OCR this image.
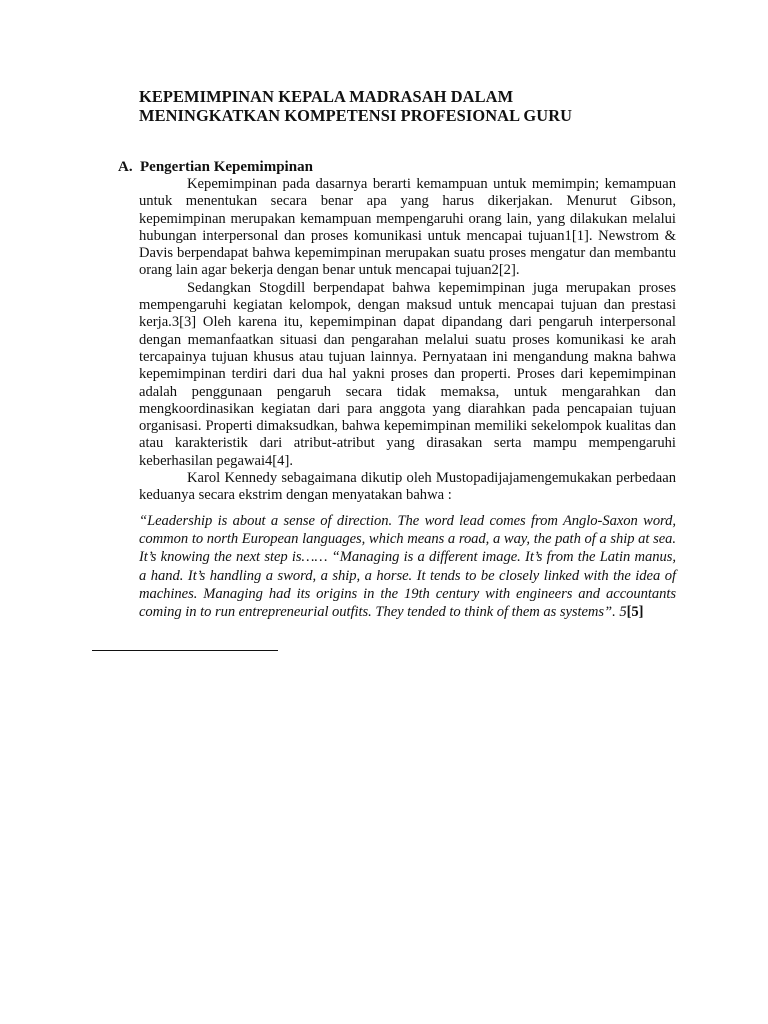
KEPEMIMPINAN KEPALA MADRASAH DALAM
MENINGKATKAN KOMPETENSI PROFESIONAL GURU
A. Pengertian Kepemimpinan

Kepemimpinan pada dasarnya berarti kemampuan untuk memimpin; kemampuan untuk menentukan secara benar apa yang harus dikerjakan. Menurut Gibson, kepemimpinan merupakan kemampuan mempengaruhi orang lain, yang dilakukan melalui hubungan interpersonal dan proses komunikasi untuk mencapai tujuan1[1]. Newstrom & Davis berpendapat bahwa kepemimpinan merupakan suatu proses mengatur dan membantu orang lain agar bekerja dengan benar untuk mencapai tujuan2[2].

Sedangkan Stogdill berpendapat bahwa kepemimpinan juga merupakan proses mempengaruhi kegiatan kelompok, dengan maksud untuk mencapai tujuan dan prestasi kerja.3[3] Oleh karena itu, kepemimpinan dapat dipandang dari pengaruh interpersonal dengan memanfaatkan situasi dan pengarahan melalui suatu proses komunikasi ke arah tercapainya tujuan khusus atau tujuan lainnya. Pernyataan ini mengandung makna bahwa kepemimpinan terdiri dari dua hal yakni proses dan properti. Proses dari kepemimpinan adalah penggunaan pengaruh secara tidak memaksa, untuk mengarahkan dan mengkoordinasikan kegiatan dari para anggota yang diarahkan pada pencapaian tujuan organisasi. Properti dimaksudkan, bahwa kepemimpinan memiliki sekelompok kualitas dan atau karakteristik dari atribut-atribut yang dirasakan serta mampu mempengaruhi keberhasilan pegawai4[4].

Karol Kennedy sebagaimana dikutip oleh Mustopadijajamengemukakan perbedaan keduanya secara ekstrim dengan menyatakan bahwa :

“Leadership is about a sense of direction. The word lead comes from Anglo-Saxon word, common to north European languages, which means a road, a way, the path of a ship at sea. It’s knowing the next step is…… “Managing is a different image. It’s from the Latin manus, a hand. It’s handling a sword, a ship, a horse. It tends to be closely linked with the idea of machines. Managing had its origins in the 19th century with engineers and accountants coming in to run entrepreneurial outfits. They tended to think of them as systems”. 5[5]
